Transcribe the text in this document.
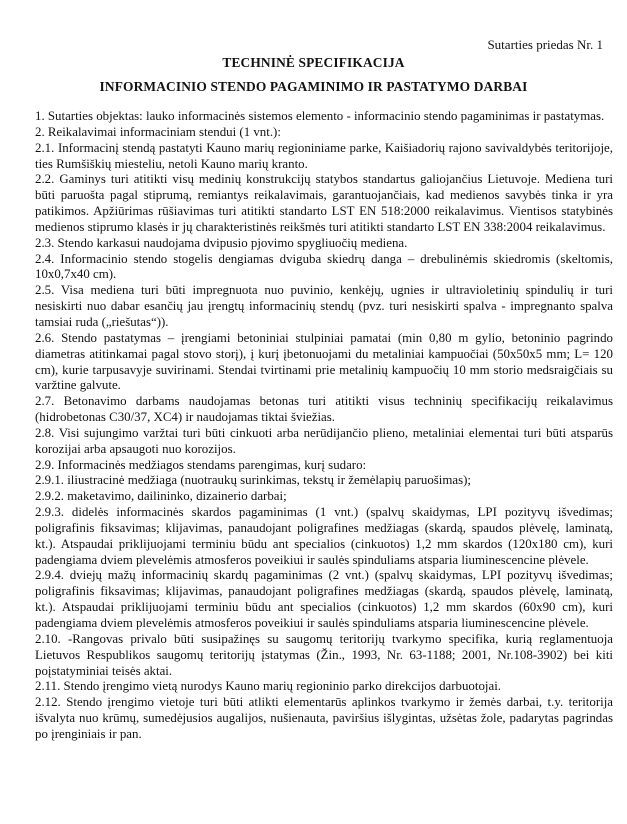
Sutarties priedas Nr. 1
TECHNINĖ SPECIFIKACIJA
INFORMACINIO STENDO PAGAMINIMO IR PASTATYMO DARBAI

1. Sutarties objektas: lauko informacinės sistemos elemento - informacinio stendo pagaminimas ir pastatymas.

2. Reikalavimai informaciniam stendui (1 vnt.):

2.1. Informacinį stendą pastatyti Kauno marių regioniniame parke, Kaišiadorių rajono savivaldybės teritorijoje, ties Rumšiškių miesteliu, netoli Kauno marių kranto.

2.2. Gaminys turi atitikti visų medinių konstrukcijų statybos standartus galiojančius Lietuvoje. Mediena turi būti paruošta pagal stiprumą, remiantys reikalavimais, garantuojančiais, kad medienos savybės tinka ir yra patikimos. Apžiūrimas rūšiavimas turi atitikti standarto LST EN 518:2000 reikalavimus. Vientisos statybinės medienos stiprumo klasės ir jų charakteristinės reikšmės turi atitikti standarto LST EN 338:2004 reikalavimus.

2.3. Stendo karkasui naudojama dvipusio pjovimo spygliuočių mediena.

2.4. Informacinio stendo stogelis dengiamas dviguba skiedrų danga – drebulinėmis skiedromis (skeltomis, 10x0,7x40 cm).

2.5. Visa mediena turi būti impregnuota nuo puvinio, kenkėjų, ugnies ir ultravioletinių spindulių ir turi nesiskirti nuo dabar esančių jau įrengtų informacinių stendų (pvz. turi nesiskirti spalva - impregnanto spalva tamsiai ruda („riešutas“)).

2.6. Stendo pastatymas – įrengiami betoniniai stulpiniai pamatai (min 0,80 m gylio, betoninio pagrindo diametras atitinkamai pagal stovo storį), į kurį įbetonuojami du metaliniai kampuočiai (50x50x5 mm; L= 120 cm), kurie tarpusavyje suvirinami. Stendai tvirtinami prie metalinių kampuočių 10 mm storio medsraigčiais su varžtine galvute.

2.7. Betonavimo darbams naudojamas betonas turi atitikti visus techninių specifikacijų reikalavimus (hidrobetonas C30/37, XC4) ir naudojamas tiktai šviežias.

2.8. Visi sujungimo varžtai turi būti cinkuoti arba nerūdijančio plieno, metaliniai elementai turi būti atsparūs korozijai arba apsaugoti nuo korozijos.

2.9. Informacinės medžiagos stendams parengimas, kurį sudaro:

2.9.1. iliustracinė medžiaga (nuotraukų surinkimas, tekstų ir žemėlapių paruošimas);

2.9.2. maketavimo, dailininko, dizainerio darbai;

2.9.3. didelės informacinės skardos pagaminimas (1 vnt.) (spalvų skaidymas, LPI pozityvų išvedimas; poligrafinis fiksavimas; klijavimas, panaudojant poligrafines medžiagas (skardą, spaudos plėvelę, laminatą, kt.). Atspaudai priklijuojami terminiu būdu ant specialios (cinkuotos) 1,2 mm skardos (120x180 cm), kuri padengiama dviem plevelėmis atmosferos poveikiui ir saulės spinduliams atsparia liuminescencine plėvele.

2.9.4. dviejų mažų informacinių skardų pagaminimas (2 vnt.) (spalvų skaidymas, LPI pozityvų išvedimas; poligrafinis fiksavimas; klijavimas, panaudojant poligrafines medžiagas (skardą, spaudos plėvelę, laminatą, kt.). Atspaudai priklijuojami terminiu būdu ant specialios (cinkuotos) 1,2 mm skardos (60x90 cm), kuri padengiama dviem plevelėmis atmosferos poveikiui ir saulės spinduliams atsparia liuminescencine plėvele.

2.10. -Rangovas privalo būti susipažinęs su saugomų teritorijų tvarkymo specifika, kurią reglamentuoja Lietuvos Respublikos saugomų teritorijų įstatymas (Žin., 1993, Nr. 63-1188; 2001, Nr.108-3902) bei kiti poįstatyminiai teisės aktai.

2.11. Stendo įrengimo vietą nurodys Kauno marių regioninio parko direkcijos darbuotojai.

2.12. Stendo įrengimo vietoje turi būti atlikti elementarūs aplinkos tvarkymo ir žemės darbai, t.y. teritorija išvalyta nuo krūmų, sumedėjusios augalijos, nušienauta, paviršius išlygintas, užsėtas žole, padarytas pagrindas po įrenginiais ir pan.
